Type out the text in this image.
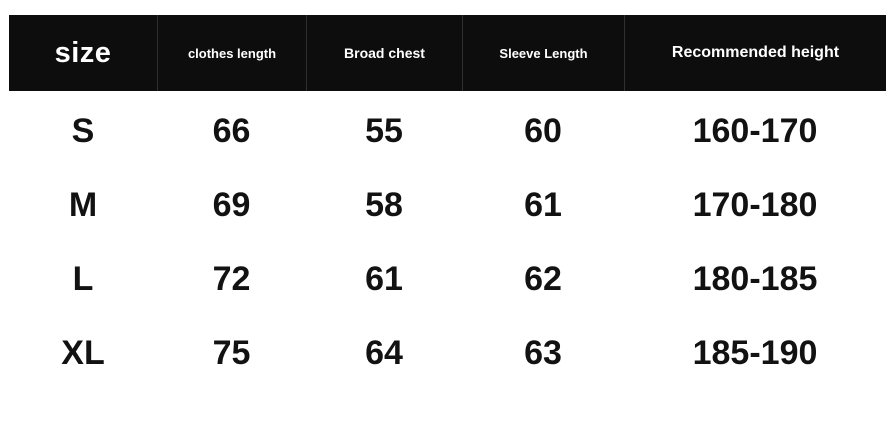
size	clothes length	Broad chest	Sleeve Length	Recommended height
S	66	55	60	160-170
M	69	58	61	170-180
L	72	61	62	180-185
XL	75	64	63	185-190
